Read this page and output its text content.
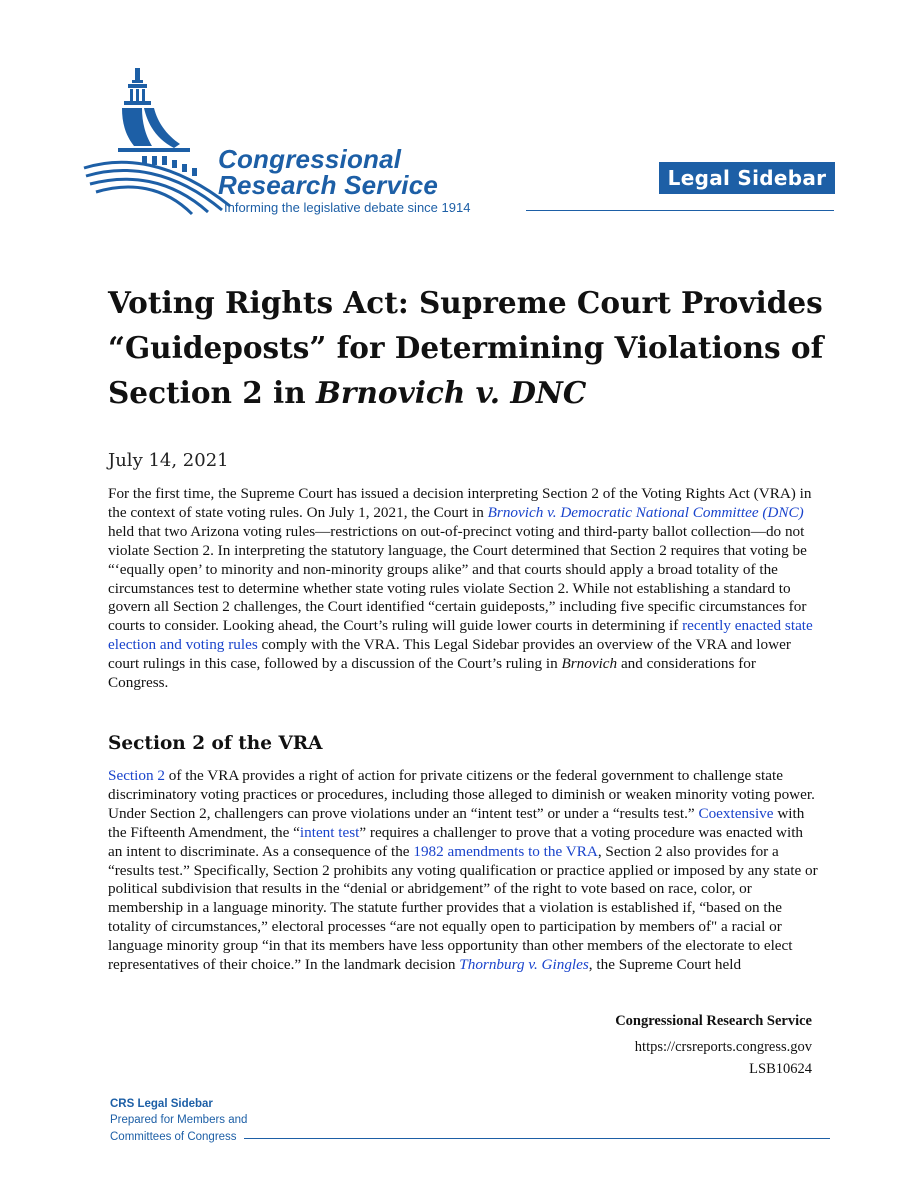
Congressional
Research Service
Informing the legislative debate since 1914
Legal Sidebar
Voting Rights Act: Supreme Court Provides
“Guideposts” for Determining Violations of
Section 2 in Brnovich v. DNC
July 14, 2021

For the first time, the Supreme Court has issued a decision interpreting Section 2 of the Voting Rights Act (VRA) in the context of state voting rules. On July 1, 2021, the Court in Brnovich v. Democratic National Committee (DNC) held that two Arizona voting rules—restrictions on out-of-precinct voting and third-party ballot collection—do not violate Section 2. In interpreting the statutory language, the Court determined that Section 2 requires that voting be “‘equally open’ to minority and non-minority groups alike” and that courts should apply a broad totality of the circumstances test to determine whether state voting rules violate Section 2. While not establishing a standard to govern all Section 2 challenges, the Court identified “certain guideposts,” including five specific circumstances for courts to consider. Looking ahead, the Court’s ruling will guide lower courts in determining if recently enacted state election and voting rules comply with the VRA. This Legal Sidebar provides an overview of the VRA and lower court rulings in this case, followed by a discussion of the Court’s ruling in Brnovich and considerations for Congress.

Section 2 of the VRA

Section 2 of the VRA provides a right of action for private citizens or the federal government to challenge state discriminatory voting practices or procedures, including those alleged to diminish or weaken minority voting power. Under Section 2, challengers can prove violations under an “intent test” or under a “results test.” Coextensive with the Fifteenth Amendment, the “intent test” requires a challenger to prove that a voting procedure was enacted with an intent to discriminate. As a consequence of the 1982 amendments to the VRA, Section 2 also provides for a “results test.” Specifically, Section 2 prohibits any voting qualification or practice applied or imposed by any state or political subdivision that results in the “denial or abridgement” of the right to vote based on race, color, or membership in a language minority. The statute further provides that a violation is established if, “based on the totality of circumstances,” electoral processes “are not equally open to participation by members of" a racial or language minority group “in that its members have less opportunity than other members of the electorate to elect representatives of their choice.” In the landmark decision Thornburg v. Gingles, the Supreme Court held

Congressional Research Service
https://crsreports.congress.gov
LSB10624
CRS Legal Sidebar
Prepared for Members and
Committees of Congress
